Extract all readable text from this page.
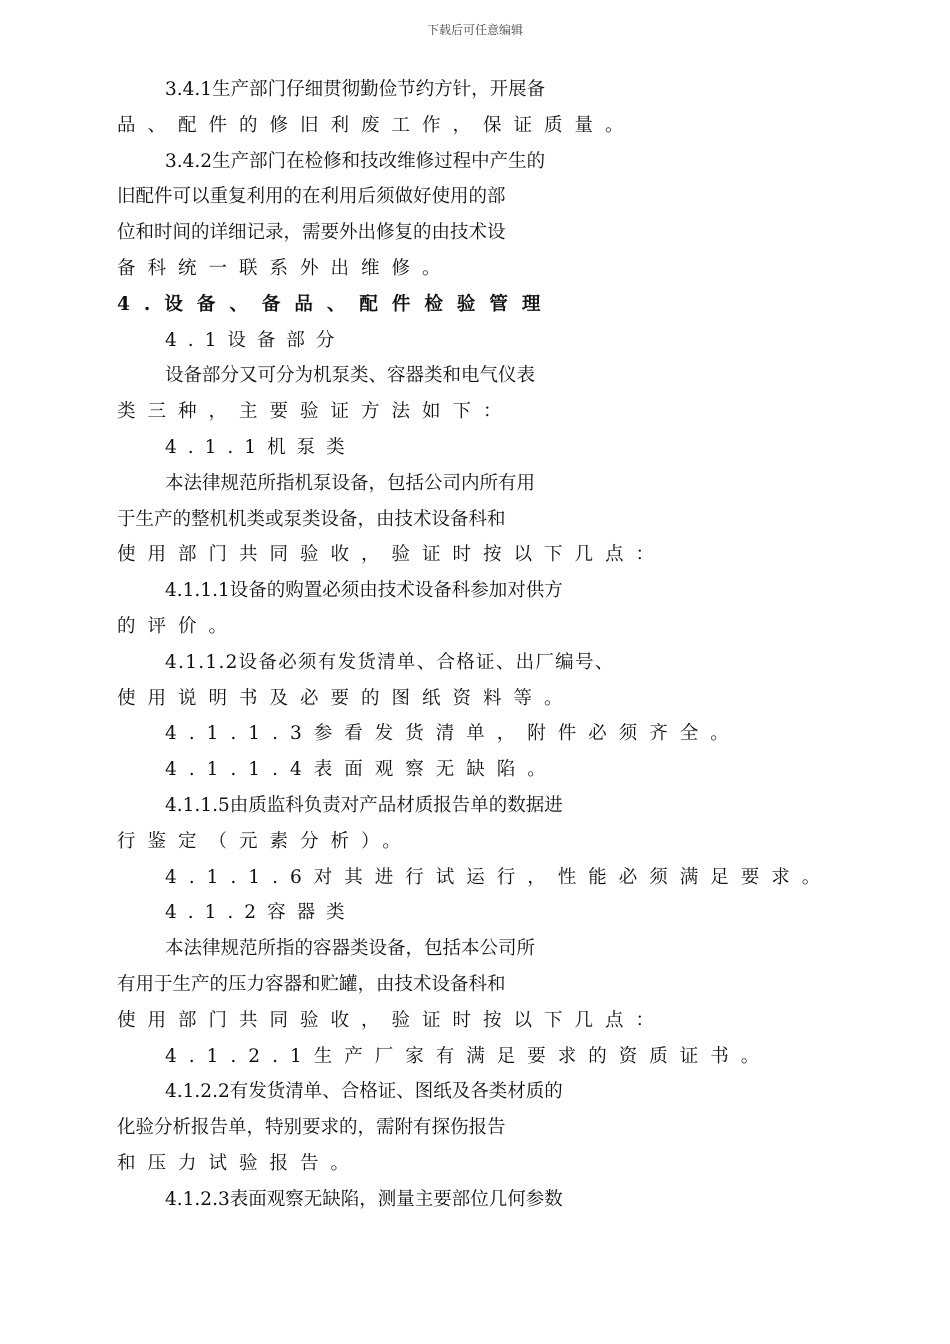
下载后可任意编辑
3.4.1生产部门仔细贯彻勤俭节约方针，开展备
品、配件的修旧利废工作，保证质量。
3.4.2生产部门在检修和技改维修过程中产生的
旧配件可以重复利用的在利用后须做好使用的部
位和时间的详细记录，需要外出修复的由技术设
备科统一联系外出维修。
4.设备、备品、配件检验管理
4.1设备部分
设备部分又可分为机泵类、容器类和电气仪表
类三种，主要验证方法如下：
4.1.1机泵类
本法律规范所指机泵设备，包括公司内所有用
于生产的整机机类或泵类设备，由技术设备科和
使用部门共同验收，验证时按以下几点：
4.1.1.1设备的购置必须由技术设备科参加对供方
的评价。
4.1.1.2设备必须有发货清单、合格证、出厂编号、
使用说明书及必要的图纸资料等。
4.1.1.3参看发货清单，附件必须齐全。
4.1.1.4表面观察无缺陷。
4.1.1.5由质监科负责对产品材质报告单的数据进
行鉴定（元素分析）。
4.1.1.6对其进行试运行，性能必须满足要求。
4.1.2容器类
本法律规范所指的容器类设备，包括本公司所
有用于生产的压力容器和贮罐，由技术设备科和
使用部门共同验收，验证时按以下几点：
4.1.2.1生产厂家有满足要求的资质证书。
4.1.2.2有发货清单、合格证、图纸及各类材质的
化验分析报告单，特别要求的，需附有探伤报告
和压力试验报告。
4.1.2.3表面观察无缺陷，测量主要部位几何参数
